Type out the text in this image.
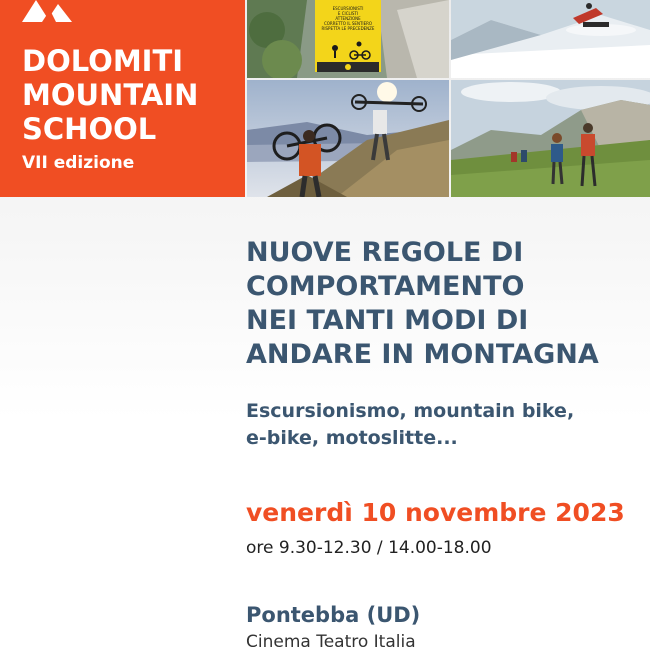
DOLOMITI
MOUNTAIN
SCHOOL
VII edizione
ESCURSIONISTI
E CICLISTI
ATTENZIONE
CORRETTO IL SENTIERO
RISPETTA LE PRECEDENZE
NUOVE REGOLE DI
COMPORTAMENTO
NEI TANTI MODI DI
ANDARE IN MONTAGNA
Escursionismo, mountain bike,
e-bike, motoslitte...
venerdì 10 novembre 2023
ore 9.30-12.30 / 14.00-18.00
Pontebba (UD)
Cinema Teatro Italia
